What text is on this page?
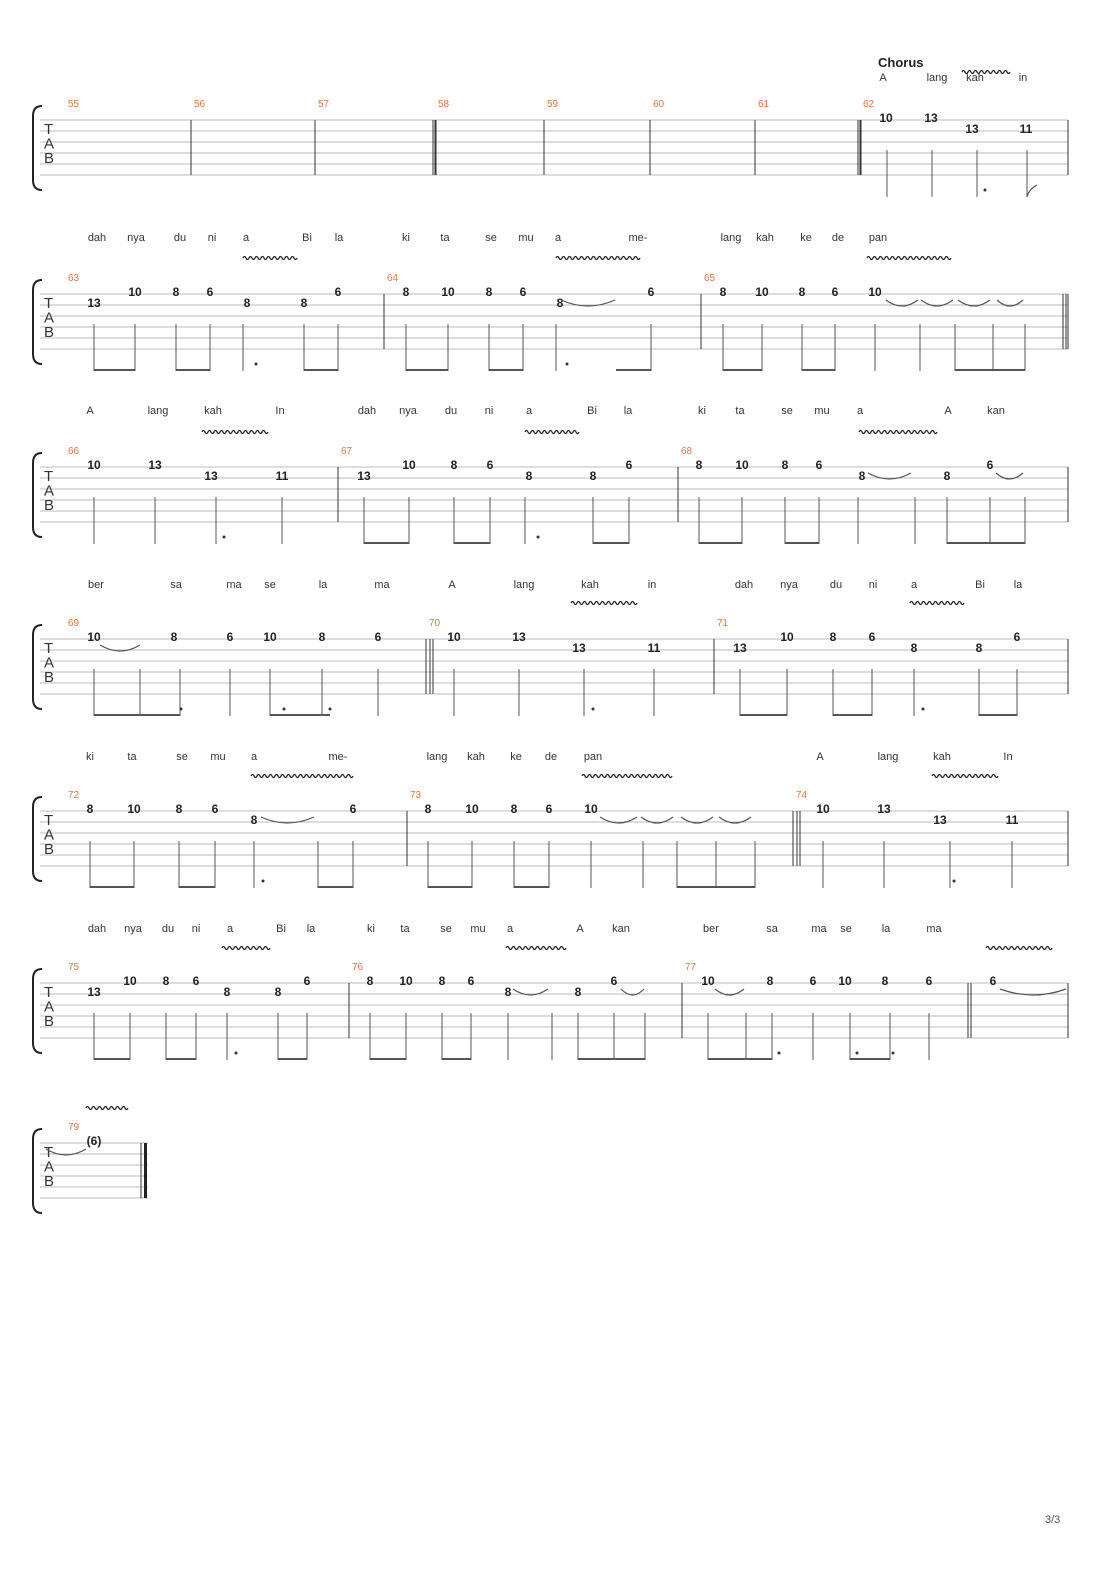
T
A
B
55	56	57	58	59	60	61	62
T
A
B
63	64	65
T
A
B
66	67	68
T
A
B
69	70	71
T
A
B
72	73	74
T
A
B
75	76	77
T
A
B
79
10	13
13	11
13
10	8 6
8	8
6	8	10	8 6
8
6	8 10 8 6 10
10	13
13	11	13
10	8 6
8	8
6	8	10	8 6
8	8
6
10	8	6 10	8	6	10	13
13	11	13
10	8	6
8	8
6
8	10	8 6
8
6	8	10	8 6	10	10	13
13	11
13
10 8 6
8	8
6	8 10 8 6
8	8
6	10	8	6 10 8	6	6
(6)
A	lang kah	in
dah nya	du ni a	Bi la	ki	ta	se mu a	me-	lang kah ke de pan
A	lang	kah	In	dah nya	du	ni	a	Bi la	ki	ta	se mu a	A	kan
ber	sa	ma se	la	ma	A	lang	kah	in	dah nya	du ni	a	Bi	la
ki	ta	se mu a	me-	lang kah ke de pan	A	lang	kah	In
dah nya du ni a	Bi la	ki ta	se mu a	A	kan	ber	sa	ma se	la	ma
Chorus
3/3
